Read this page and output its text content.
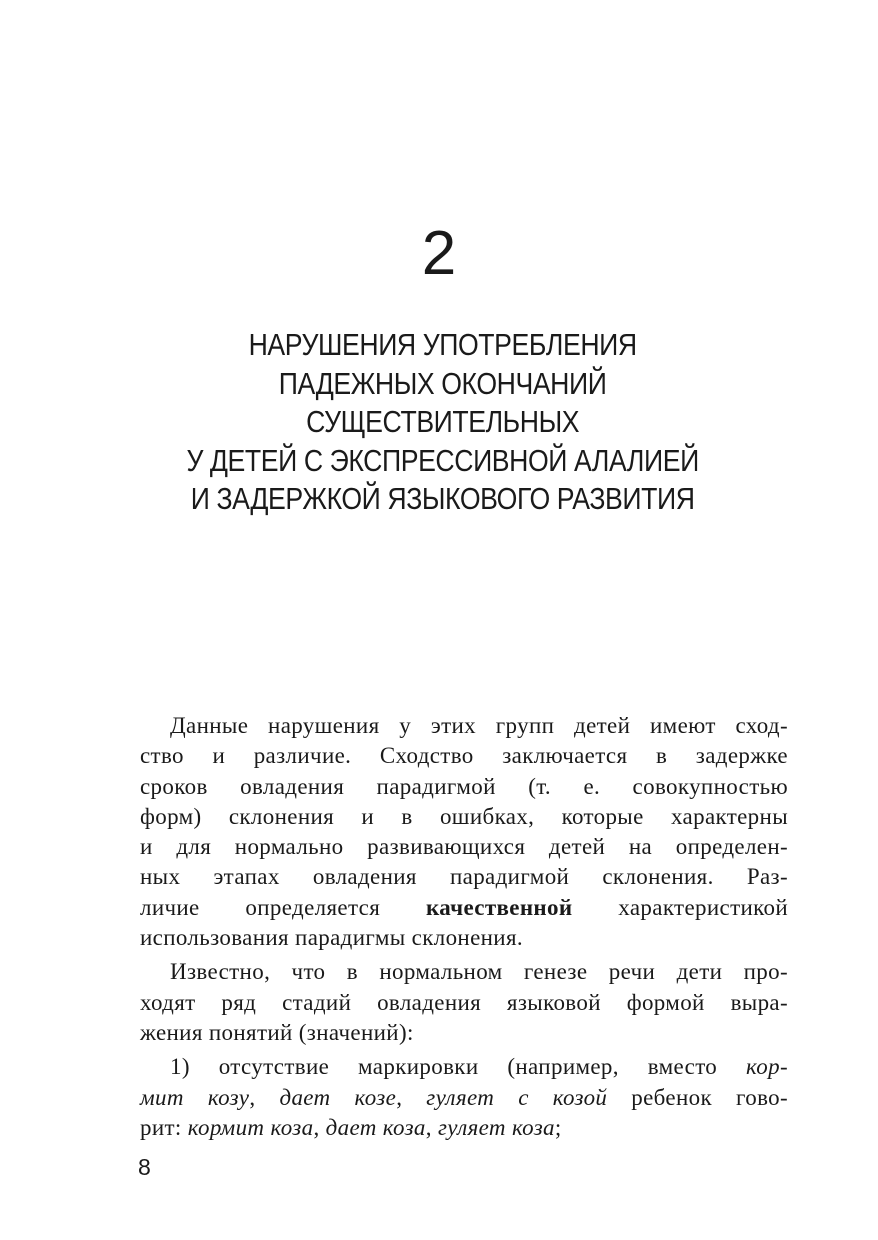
2
НАРУШЕНИЯ УПОТРЕБЛЕНИЯ
ПАДЕЖНЫХ ОКОНЧАНИЙ
СУЩЕСТВИТЕЛЬНЫХ
У ДЕТЕЙ С ЭКСПРЕССИВНОЙ АЛАЛИЕЙ
И ЗАДЕРЖКОЙ ЯЗЫКОВОГО РАЗВИТИЯ

Данные нарушения у этих групп детей имеют сход-
ство и различие. Сходство заключается в задержке
сроков овладения парадигмой (т. е. совокупностью
форм) склонения и в ошибках, которые характерны
и для нормально развивающихся детей на определен-
ных этапах овладения парадигмой склонения. Раз-
личие определяется качественной характеристикой
использования парадигмы склонения.

Известно, что в нормальном генезе речи дети про-
ходят ряд стадий овладения языковой формой выра-
жения понятий (значений):

1) отсутствие маркировки (например, вместо кор-
мит козу, дает козе, гуляет с козой ребенок гово-
рит: кормит коза, дает коза, гуляет коза;

8
